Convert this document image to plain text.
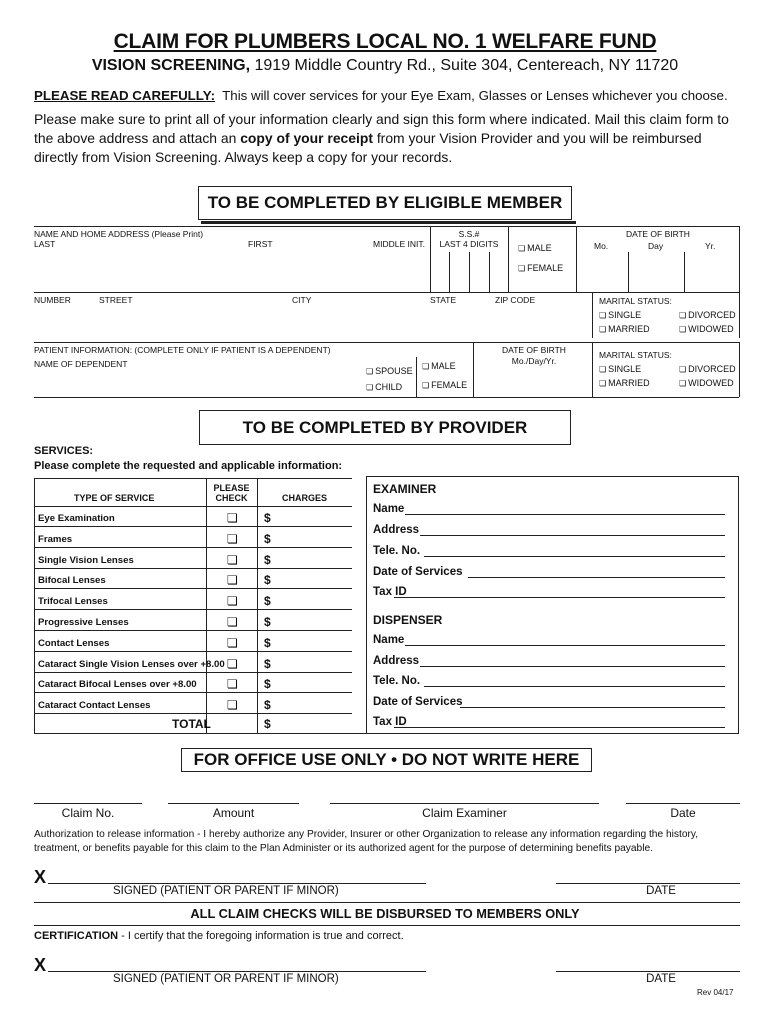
CLAIM FOR PLUMBERS LOCAL NO. 1 WELFARE FUND
VISION SCREENING, 1919 Middle Country Rd., Suite 304, Centereach, NY 11720
PLEASE READ CAREFULLY: This will cover services for your Eye Exam, Glasses or Lenses whichever you choose.
Please make sure to print all of your information clearly and sign this form where indicated. Mail this claim form to the above address and attach an copy of your receipt from your Vision Provider and you will be reimbursed directly from Vision Screening. Always keep a copy for your records.
TO BE COMPLETED BY ELIGIBLE MEMBER
NAME AND HOME ADDRESS (Please Print)
LAST	FIRST	MIDDLE INIT.
S.S.#
LAST 4 DIGITS	❏ MALE
❏ FEMALE
DATE OF BIRTH
Mo.	Day	Yr.
NUMBER	STREET	CITY	STATE	ZIP CODE	MARITAL STATUS:
❏ SINGLE	❏ DIVORCED
❏ MARRIED	❏ WIDOWED
PATIENT INFORMATION: (COMPLETE ONLY IF PATIENT IS A DEPENDENT)
NAME OF DEPENDENT
❏ SPOUSE
❏ CHILD
❏ MALE
❏ FEMALE
DATE OF BIRTH
Mo./Day/Yr.
MARITAL STATUS:
❏ SINGLE	❏ DIVORCED
❏ MARRIED	❏ WIDOWED
TO BE COMPLETED BY PROVIDER
SERVICES:
Please complete the requested and applicable information:
TYPE OF SERVICE
PLEASE
CHECK	CHARGES
Eye Examination	❏ $
Frames	❏ $
Single Vision Lenses	❏ $
Bifocal Lenses	❏ $
Trifocal Lenses	❏ $
Progressive Lenses	❏ $
Contact Lenses	❏ $
Cataract Single Vision Lenses over +8.00 ❏ $
Cataract Bifocal Lenses over +8.00	❏ $
Cataract Contact Lenses	❏ $
TOTAL	$
EXAMINER
Name
Address
Tele. No.
Date of Services
Tax ID
DISPENSER
Name
Address
Tele. No.
Date of Services
Tax ID
FOR OFFICE USE ONLY • DO NOT WRITE HERE
Claim No.	Amount	Claim Examiner	Date
Authorization to release information - I hereby authorize any Provider, Insurer or other Organization to release any information regarding the history, treatment, or benefits payable for this claim to the Plan Administer or its authorized agent for the purpose of determining benefits payable.
X
SIGNED (PATIENT OR PARENT IF MINOR)	DATE
ALL CLAIM CHECKS WILL BE DISBURSED TO MEMBERS ONLY
CERTIFICATION - I certify that the foregoing information is true and correct.
X
SIGNED (PATIENT OR PARENT IF MINOR)	DATE
Rev 04/17
